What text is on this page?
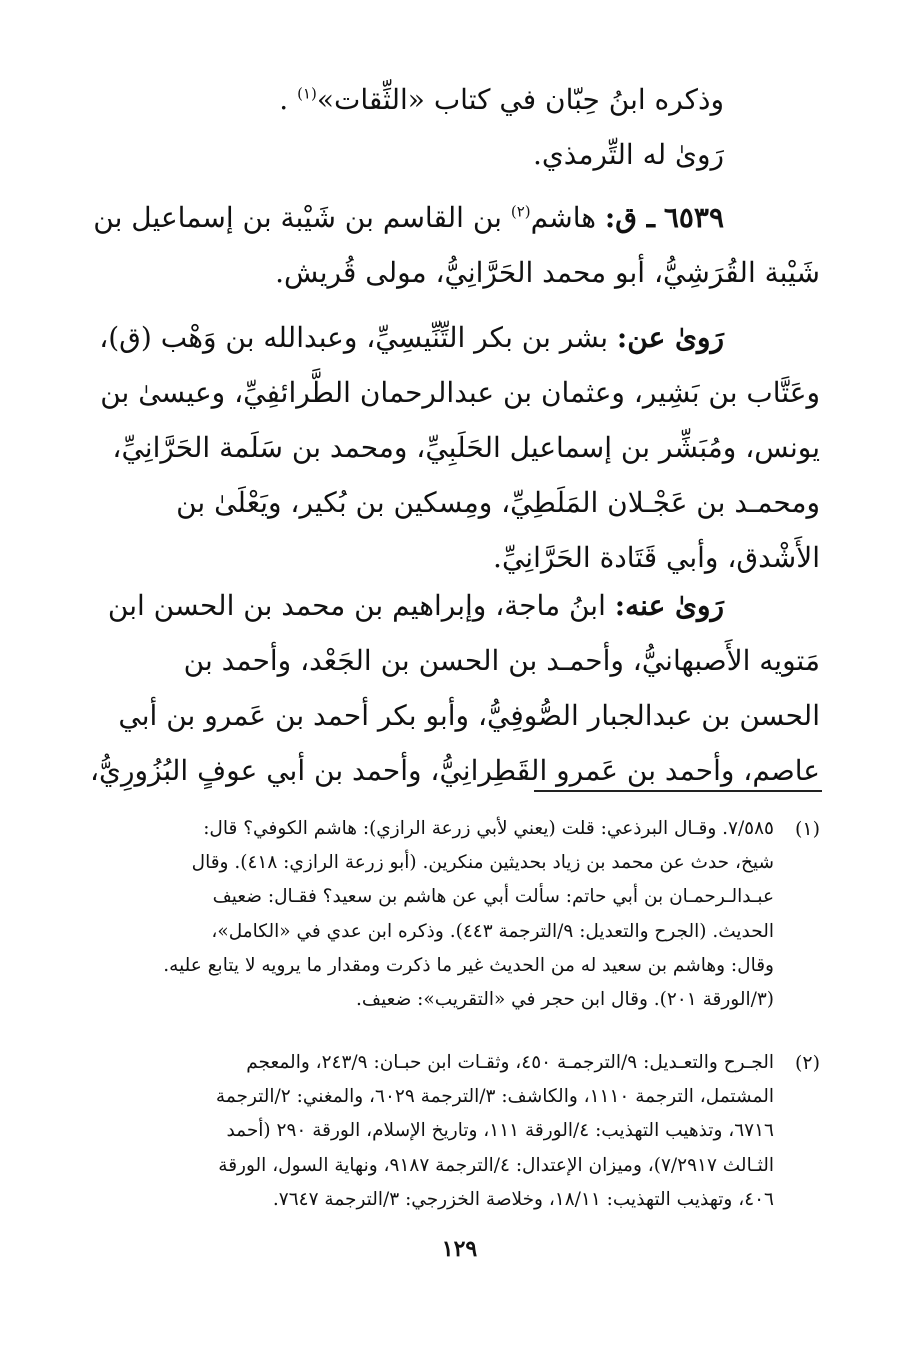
وذكره ابنُ حِبّان في كتاب «الثِّقات»$^{(١)}$ .
رَوىٰ له التِّرمذي.
٦٥٣٩ ـ ق: هاشم$^{(٢)}$ بن القاسم بن شَيْبة بن إسماعيل بن
شَيْبة القُرَشِيُّ، أبو محمد الحَرَّانِيُّ، مولى قُريش.
رَوىٰ عن: بشر بن بكر التِّنِّيسِيِّ، وعبدالله بن وَهْب (ق)،
وعَتَّاب بن بَشِير، وعثمان بن عبدالرحمان الطَّرائفِيِّ، وعيسىٰ بن
يونس، ومُبَشِّر بن إسماعيل الحَلَبِيِّ، ومحمد بن سَلَمة الحَرَّانِيِّ،
ومحمـد بن عَجْـلان المَلَطِيِّ، ومِسكين بن بُكير، ويَعْلَىٰ بن
الأَشْدق، وأبي قَتَادة الحَرَّانِيِّ.
رَوىٰ عنه: ابنُ ماجة، وإبراهيم بن محمد بن الحسن ابن
مَتويه الأَصبهانيُّ، وأحمـد بن الحسن بن الجَعْد، وأحمد بن
الحسن بن عبدالجبار الصُّوفِيُّ، وأبو بكر أحمد بن عَمرو بن أبي
عاصم، وأحمد بن عَمرو القَطِرانِيُّ، وأحمد بن أبي عوفٍ البُزُورِيُّ،
(١)
٧/٥٨٥. وقـال البرذعي: قلت (يعني لأبي زرعة الرازي): هاشم الكوفي؟ قال:
شيخ، حدث عن محمد بن زياد بحديثين منكرين. (أبو زرعة الرازي: ٤١٨). وقال
عبـدالـرحمـان بن أبي حاتم: سألت أبي عن هاشم بن سعيد؟ فقـال: ضعيف
الحديث. (الجرح والتعديل: ٩/الترجمة ٤٤٣). وذكره ابن عدي في «الكامل»،
وقال: وهاشم بن سعيد له من الحديث غير ما ذكرت ومقدار ما يرويه لا يتابع عليه.
(٣/الورقة ٢٠١). وقال ابن حجر في «التقريب»: ضعيف.
(٢)
الجـرح والتعـديل: ٩/الترجمـة ٤٥٠، وثقـات ابن حبـان: ٢٤٣/٩، والمعجم
المشتمل، الترجمة ١١١٠، والكاشف: ٣/الترجمة ٦٠٢٩، والمغني: ٢/الترجمة
٦٧١٦، وتذهيب التهذيب: ٤/الورقة ١١١، وتاريخ الإسلام، الورقة ٢٩٠ (أحمد
الثـالث ٧/٢٩١٧)، وميزان الإعتدال: ٤/الترجمة ٩١٨٧، ونهاية السول، الورقة
٤٠٦، وتهذيب التهذيب: ١٨/١١، وخلاصة الخزرجي: ٣/الترجمة ٧٦٤٧.
١٢٩
